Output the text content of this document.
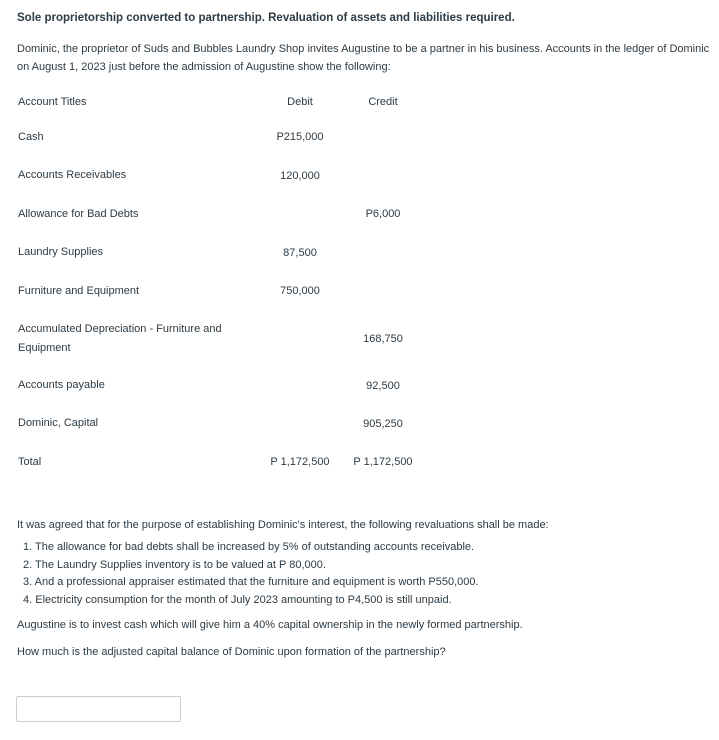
Sole proprietorship converted to partnership. Revaluation of assets and liabilities required.
Dominic, the proprietor of Suds and Bubbles Laundry Shop invites Augustine to be a partner in his business. Accounts in the ledger of Dominic on August 1, 2023 just before the admission of Augustine show the following:
Account Titles	Debit	Credit
Cash	P215,000	
Accounts Receivables	120,000	
Allowance for Bad Debts		P6,000
Laundry Supplies	87,500	
Furniture and Equipment	750,000	
Accumulated Depreciation - Furniture and Equipment		168,750
Accounts payable		92,500
Dominic, Capital		905,250
Total	P 1,172,500	P 1,172,500

It was agreed that for the purpose of establishing Dominic's interest, the following revaluations shall be made:

1. The allowance for bad debts shall be increased by 5% of outstanding accounts receivable.
2. The Laundry Supplies inventory is to be valued at P 80,000.
3. And a professional appraiser estimated that the furniture and equipment is worth P550,000.
4. Electricity consumption for the month of July 2023 amounting to P4,500 is still unpaid.

Augustine is to invest cash which will give him a 40% capital ownership in the newly formed partnership.

How much is the adjusted capital balance of Dominic upon formation of the partnership?
